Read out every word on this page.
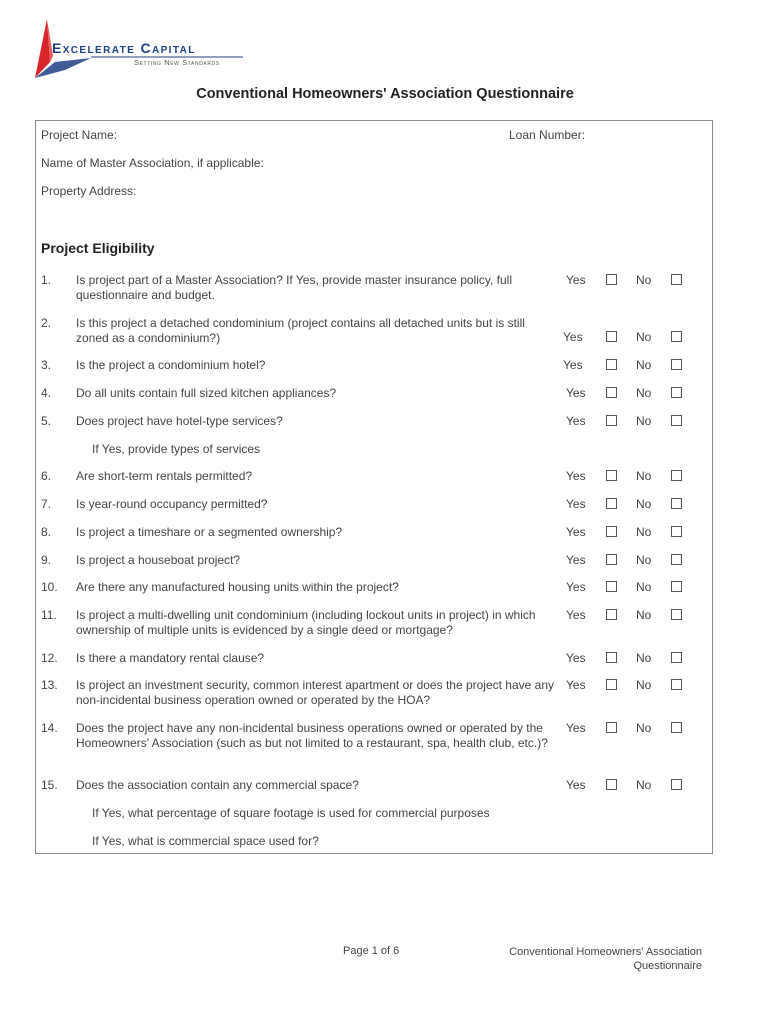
Excelerate Capital
Setting New Standards
Conventional Homeowners' Association Questionnaire
Project Name:	Loan Number:
Name of Master Association, if applicable:
Property Address:
Project Eligibility
1. Is project part of a Master Association? If Yes, provide master insurance policy, full questionnaire and budget.
Yes	No
2. Is this project a detached condominium (project contains all detached units but is still zoned as a condominium?)	Yes	No
3. Is the project a condominium hotel?	Yes	No
4. Do all units contain full sized kitchen appliances?	Yes	No
5. Does project have hotel-type services?	Yes	No
If Yes, provide types of services
6. Are short-term rentals permitted?	Yes	No
7. Is year-round occupancy permitted?	Yes	No
8. Is project a timeshare or a segmented ownership?	Yes	No
9. Is project a houseboat project?	Yes	No
10. Are there any manufactured housing units within the project?	Yes	No
11. Is project a multi-dwelling unit condominium (including lockout units in project) in which ownership of multiple units is evidenced by a single deed or mortgage?
Yes	No
12. Is there a mandatory rental clause?	Yes	No
13. Is project an investment security, common interest apartment or does the project have any non-incidental business operation owned or operated by the HOA?
Yes	No
14. Does the project have any non-incidental business operations owned or operated by the Homeowners' Association (such as but not limited to a restaurant, spa, health club, etc.)?
Yes	No
15. Does the association contain any commercial space?	Yes	No
If Yes, what percentage of square footage is used for commercial purposes
If Yes, what is commercial space used for?
Page 1 of 6	Conventional Homeowners' Association Questionnaire
